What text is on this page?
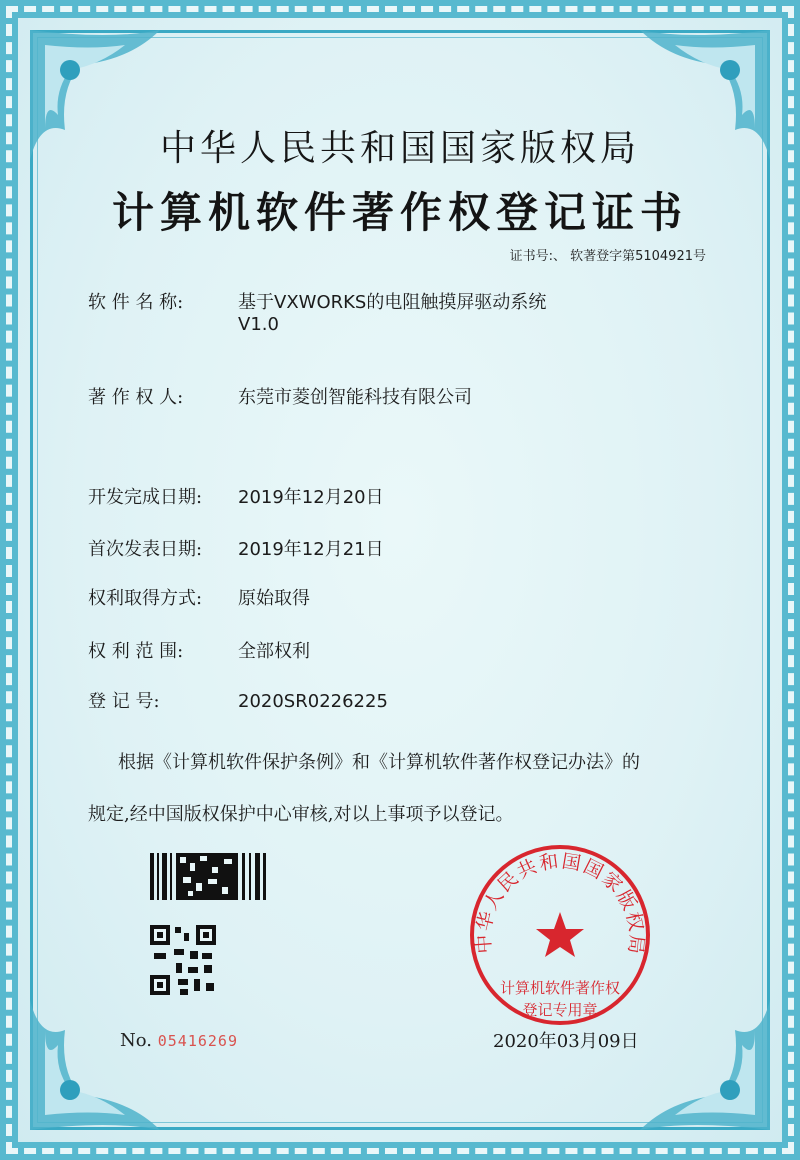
中华人民共和国国家版权局
计算机软件著作权登记证书
证书号:、 软著登字第5104921号
软 件 名 称:	基于VXWORKS的电阻触摸屏驱动系统
V1.0
著 作 权 人:	东莞市菱创智能科技有限公司
开发完成日期: 2019年12月20日
首次发表日期: 2019年12月21日
权利取得方式: 原始取得
权 利 范 围:	全部权利
登 记 号:	2020SR0226225
根据《计算机软件保护条例》和《计算机软件著作权登记办法》的
规定,经中国版权保护中心审核,对以上事项予以登记。
No. 05416269
中华人民共和国国家版权局
计算机软件著作权
登记专用章
2020年03月09日
